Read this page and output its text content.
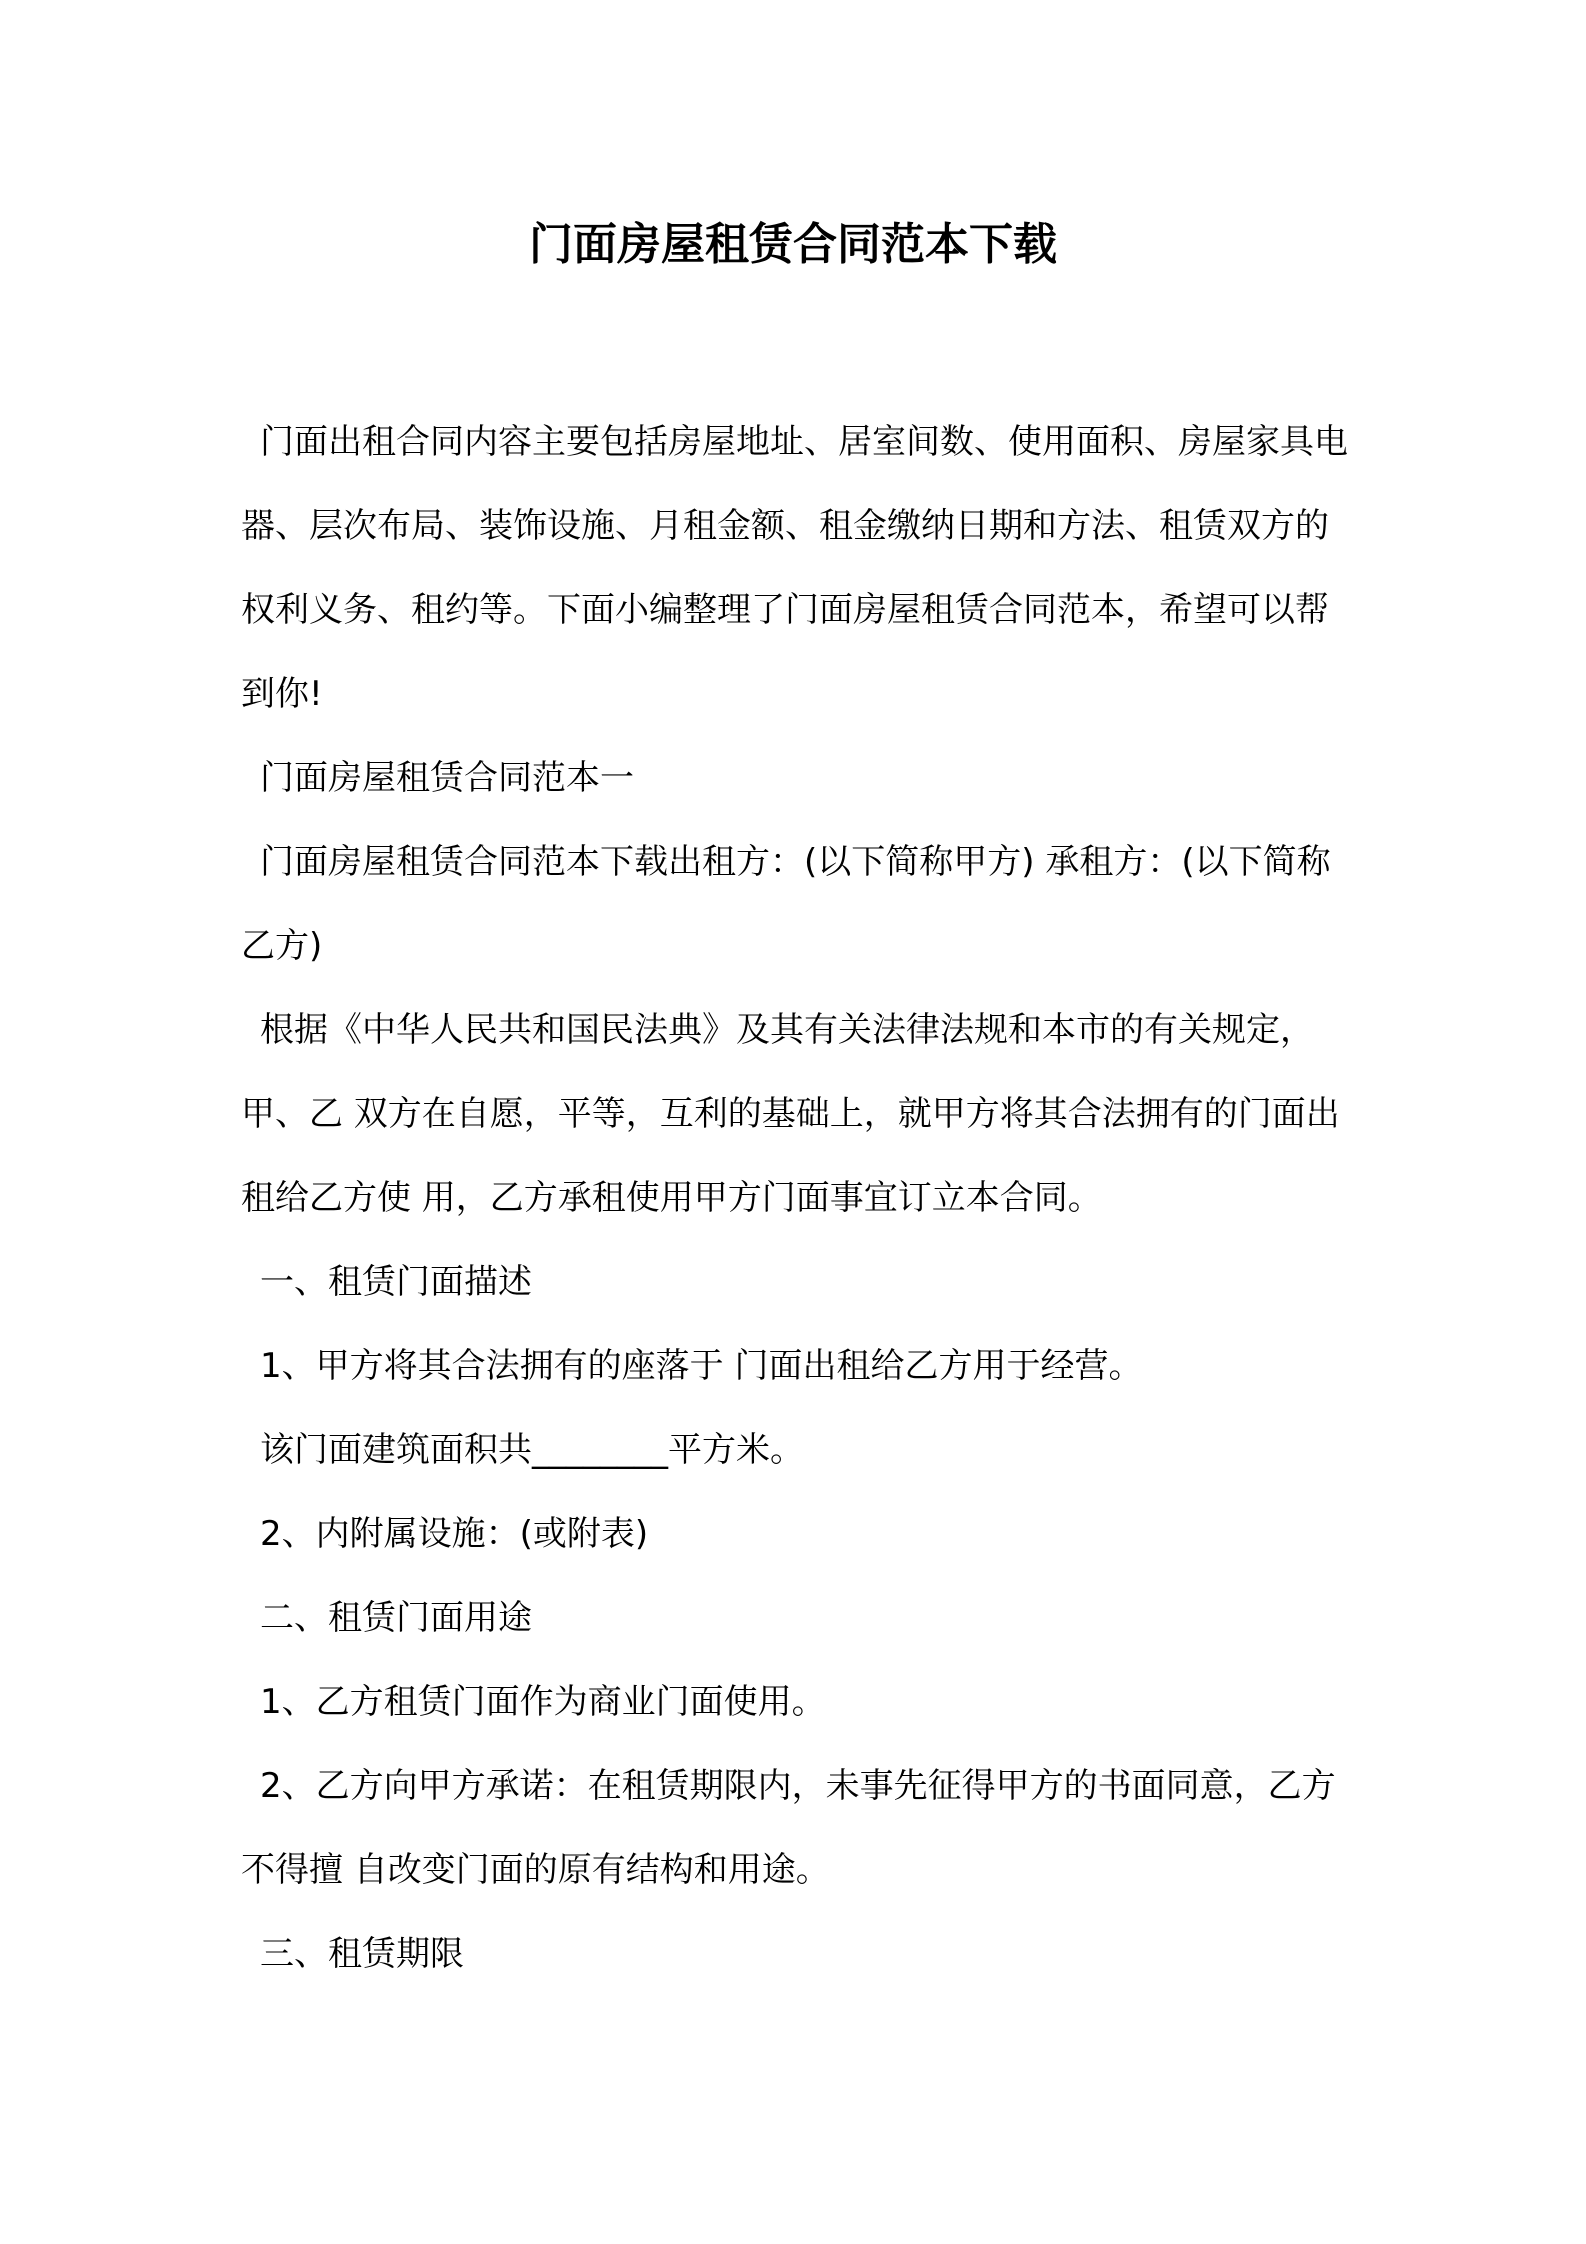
门面房屋租赁合同范本下载

门面出租合同内容主要包括房屋地址、居室间数、使用面积、房屋家具电器、层次布局、装饰设施、月租金额、租金缴纳日期和方法、租赁双方的权利义务、租约等。下面小编整理了门面房屋租赁合同范本，希望可以帮到你!

门面房屋租赁合同范本一

门面房屋租赁合同范本下载出租方：(以下简称甲方) 承租方：(以下简称乙方)

根据《中华人民共和国民法典》及其有关法律法规和本市的有关规定，甲、乙 双方在自愿，平等，互利的基础上，就甲方将其合法拥有的门面出租给乙方使 用，乙方承租使用甲方门面事宜订立本合同。

一、租赁门面描述

1、甲方将其合法拥有的座落于 门面出租给乙方用于经营。

该门面建筑面积共________平方米。

2、内附属设施：(或附表)

二、租赁门面用途

1、乙方租赁门面作为商业门面使用。

2、乙方向甲方承诺：在租赁期限内，未事先征得甲方的书面同意，乙方不得擅 自改变门面的原有结构和用途。

三、租赁期限
